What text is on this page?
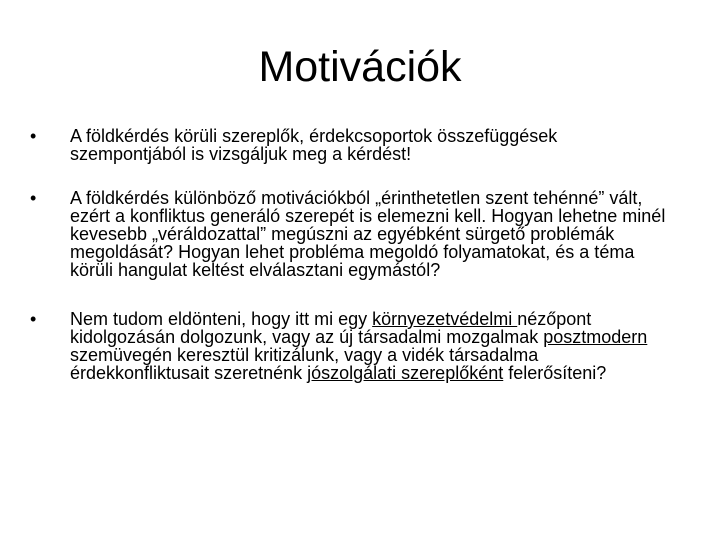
Motivációk
•	A földkérdés körüli szereplők, érdekcsoportok összefüggések szempontjából is vizsgáljuk meg a kérdést!
•	A földkérdés különböző motivációkból „érinthetetlen szent tehénné” vált, ezért a konfliktus generáló szerepét is elemezni kell. Hogyan lehetne minél kevesebb „véráldozattal” megúszni az egyébként sürgető problémák megoldását? Hogyan lehet probléma megoldó folyamatokat, és a téma körüli hangulat keltést elválasztani egymástól?
•	Nem tudom eldönteni, hogy itt mi egy környezetvédelmi nézőpont kidolgozásán dolgozunk, vagy az új társadalmi mozgalmak posztmodern szemüvegén keresztül kritizálunk, vagy a vidék társadalma érdekkonfliktusait szeretnénk jószolgálati szereplőként felerősíteni?
